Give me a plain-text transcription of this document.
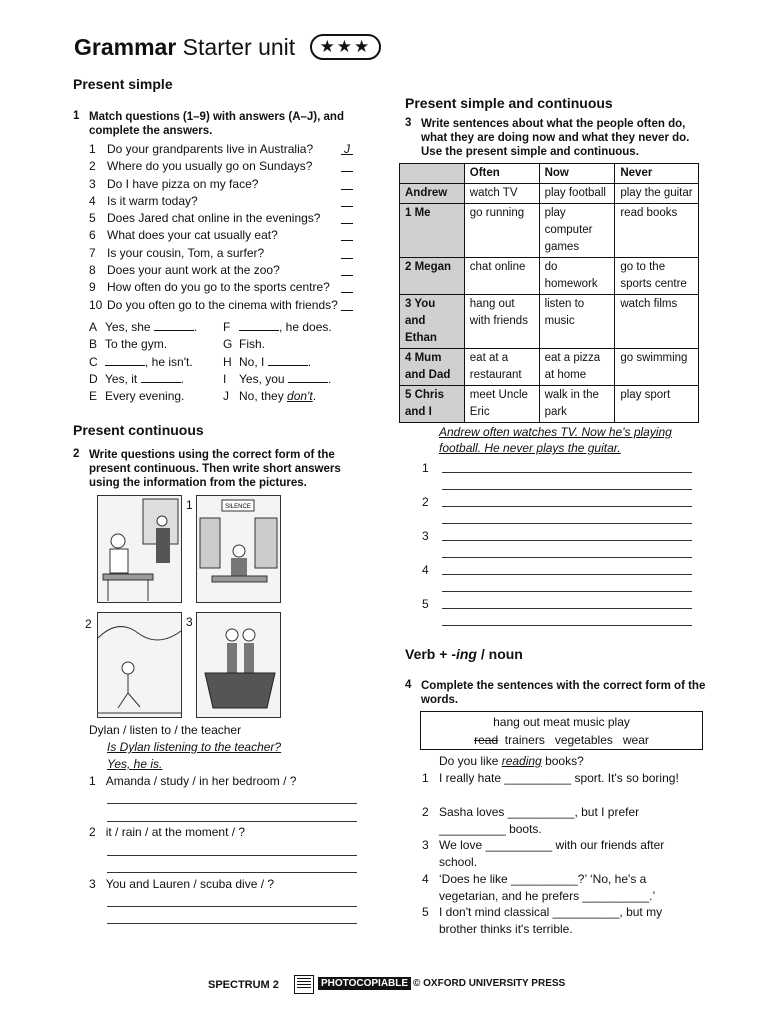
Grammar Starter unit ★★★
Present simple
1 Match questions (1–9) with answers (A–J), and complete the answers.
1 Do your grandparents live in Australia?	J
2 Where do you usually go on Sundays?
3 Do I have pizza on my face?
4 Is it warm today?
5 Does Jared chat online in the evenings?
6 What does your cat usually eat?
7 Is your cousin, Tom, a surfer?
8 Does your aunt work at the zoo?
9 How often do you go to the sports centre?
10 Do you often go to the cinema with friends?
A Yes, she	.
B To the gym.
C	, he isn't.
D Yes, it	.
E Every evening.
F	, he does.
G Fish.
H No, I	.
I Yes, you	.
J No, they don't.
Present continuous
2 Write questions using the correct form of the present continuous. Then write short answers using the information from the pictures.
1	SILENCE
2	3
Dylan / listen to / the teacher
Is Dylan listening to the teacher?
Yes, he is.
1 Amanda / study / in her bedroom / ?
2 it / rain / at the moment / ?
3 You and Lauren / scuba dive / ?
Present simple and continuous
3 Write sentences about what the people often do, what they are doing now and what they never do. Use the present simple and continuous.
	Often	Now	Never
Andrew	watch TV	play football	play the guitar
1 Me	go running	play computer games	read books
2 Megan	chat online	do homework	go to the sports centre
3 You and Ethan	hang out with friends	listen to music	watch films
4 Mum and Dad	eat at a restaurant	eat a pizza at home	go swimming
5 Chris and I	meet Uncle Eric	walk in the park	play sport
Andrew often watches TV. Now he's playing
football. He never plays the guitar.
1
2
3
4
5
Verb + -ing / noun
4 Complete the sentences with the correct form of the words.
hang out meat music play
read  trainers   vegetables   wear
Do you like reading books?
1 I really hate __________ sport. It's so boring!
2 Sasha loves __________, but I prefer
__________ boots.
3 We love __________ with our friends after
school.
4 ‘Does he like __________?’ ‘No, he's a
vegetarian, and he prefers __________.’
5 I don't mind classical __________, but my
brother thinks it's terrible.
SPECTRUM 2	PHOTOCOPIABLE © OXFORD UNIVERSITY PRESS
